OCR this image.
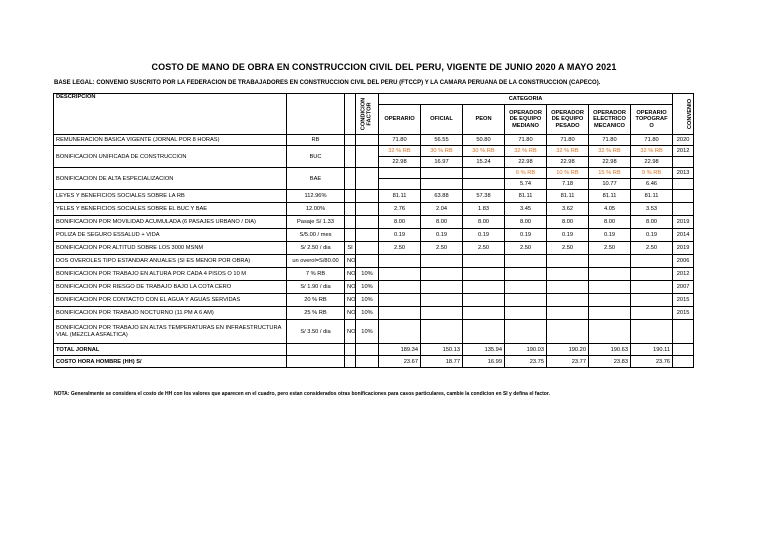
COSTO DE MANO DE OBRA EN CONSTRUCCION CIVIL DEL PERU, VIGENTE DE JUNIO 2020 A MAYO 2021
BASE LEGAL: CONVENIO SUSCRITO POR LA FEDERACION DE TRABAJADORES EN CONSTRUCCION CIVIL DEL PERU (FTCCP) Y LA CAMARA PERUANA DE LA CONSTRUCCION (CAPECO).
DESCRIPCION		CONDICION	FACTOR	CATEGORIA							CONVENIO
				OPERARIO	OFICIAL	PEON	OPERADOR DE EQUIPO MEDIANO	OPERADOR DE EQUIPO PESADO	OPERADOR ELECTRICO MECANICO	OPERARIO TOPOGRAF O	
REMUNERACION BASICA VIGENTE (JORNAL POR 8 HORAS)	RB			71.80	56.55	50.80	71.80	71.80	71.80	71.80	2020
BONIFICACION UNIFICADA DE CONSTRUCCION	BUC			32 % RB	30 % RB	30 % RB	32 % RB	32 % RB	32 % RB	32 % RB	2012
				22.98	16.97	15.24	22.98	22.98	22.98	22.98	
BONIFICACION DE ALTA ESPECIALIZACION	BAE						6 % RB	10 % RB	15 % RB	9 % RB	2013
							5.74	7.18	10.77	6.46	
LEYES Y BENEFICIOS SOCIALES SOBRE LA RB	112.96%			81.11	63.88	57.38	81.11	81.11	81.11	81.11	
YELES Y BENEFICIOS SOCIALES SOBRE EL BUC Y BAE	12.00%			2.76	2.04	1.83	3.45	3.62	4.05	3.53	
BONIFICACION POR MOVILIDAD ACUMULADA (6 PASAJES URBANO / DIA)	Pasaje S/ 1.33			8.00	8.00	8.00	8.00	8.00	8.00	8.00	2019
POLIZA DE SEGURO ESSALUD + VIDA	S/5.00 / mes			0.19	0.19	0.19	0.19	0.19	0.19	0.19	2014
BONIFICACION POR ALTITUD SOBRE LOS 3000 MSNM	S/ 2.50 / dia	SI		2.50	2.50	2.50	2.50	2.50	2.50	2.50	2019
DOS OVEROLES TIPO ESTANDAR ANUALES (SI ES MENOR POR OBRA)	un overol=S/80.00	NO									2006
BONIFICACION POR TRABAJO EN ALTURA POR CADA 4 PISOS O 10 M	7 % RB	NO	10%								2012
BONIFICACION POR RIESGO DE TRABAJO BAJO LA COTA CERO	S/ 1.90 / dia	NO	10%								2007
BONIFICACION POR CONTACTO CON EL AGUA Y AGUAS SERVIDAS	20 % RB	NO	10%								2015
BONIFICACION POR TRABAJO NOCTURNO (11 PM A 6 AM)	25 % RB	NO	10%								2015
BONIFICACION POR TRABAJO EN ALTAS TEMPERATURAS EN INFRAESTRUCTURA VIAL (MEZCLA ASFALTICA)	S/ 3.50 / dia	NO	10%								
TOTAL JORNAL				189.34	150.13	135.94	190.03	190.20	190.63	190.11	
COSTO HORA HOMBRE (HH) S/				23.67	18.77	16.99	23.75	23.77	23.83	23.76	
NOTA: Generalmente se considera el costo de HH con los valores que aparecen en el cuadro, pero estan considerados otras bonificaciones para casos particulares, cambie la condicion en SI y defina el factor.
